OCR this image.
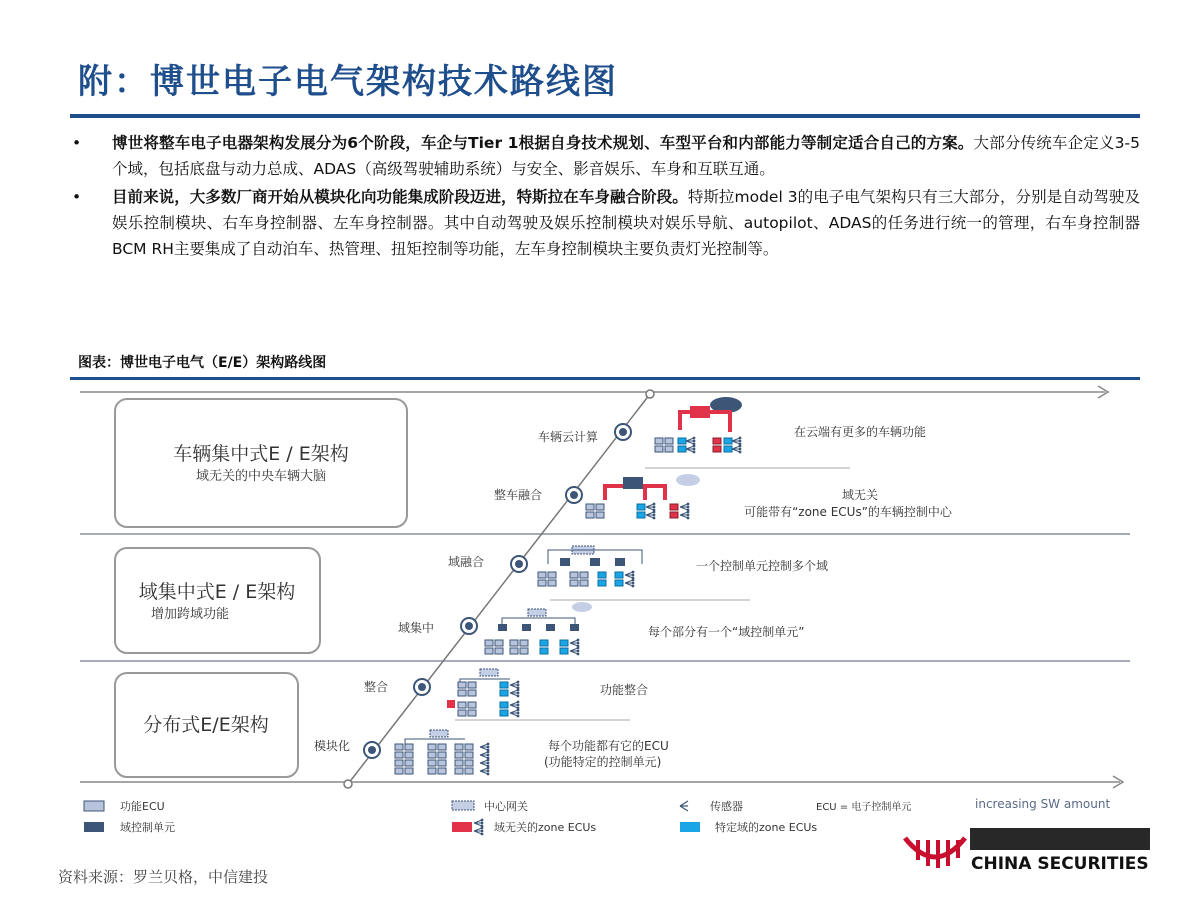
附：博世电子电气架构技术路线图
• 博世将整车电子电器架构发展分为6个阶段，车企与Tier 1根据自身技术规划、车型平台和内部能力等制定适合自己的方案。大部分传统车企定义3-5个域，包括底盘与动力总成、ADAS（高级驾驶辅助系统）与安全、影音娱乐、车身和互联互通。
• 目前来说，大多数厂商开始从模块化向功能集成阶段迈进，特斯拉在车身融合阶段。特斯拉model 3的电子电气架构只有三大部分，分别是自动驾驶及娱乐控制模块、右车身控制器、左车身控制器。其中自动驾驶及娱乐控制模块对娱乐导航、autopilot、ADAS的任务进行统一的管理，右车身控制器BCM RH主要集成了自动泊车、热管理、扭矩控制等功能，左车身控制模块主要负责灯光控制等。
图表：博世电子电气（E/E）架构路线图
车辆集中式E / E架构
域无关的中央车辆大脑
域集中式E / E架构
增加跨域功能
分布式E/E架构
车辆云计算	在云端有更多的车辆功能
整车融合	域无关
可能带有“zone ECUs”的车辆控制中心
域融合	一个控制单元控制多个域
域集中	每个部分有一个“域控制单元”
整合	功能整合
模块化	每个功能都有它的ECU
(功能特定的控制单元)
increasing SW amount
功能ECU
域控制单元
中心网关
域无关的zone ECUs
传感器
特定域的zone ECUs
ECU = 电子控制单元
CHINA SECURITIES
资料来源：罗兰贝格，中信建投
